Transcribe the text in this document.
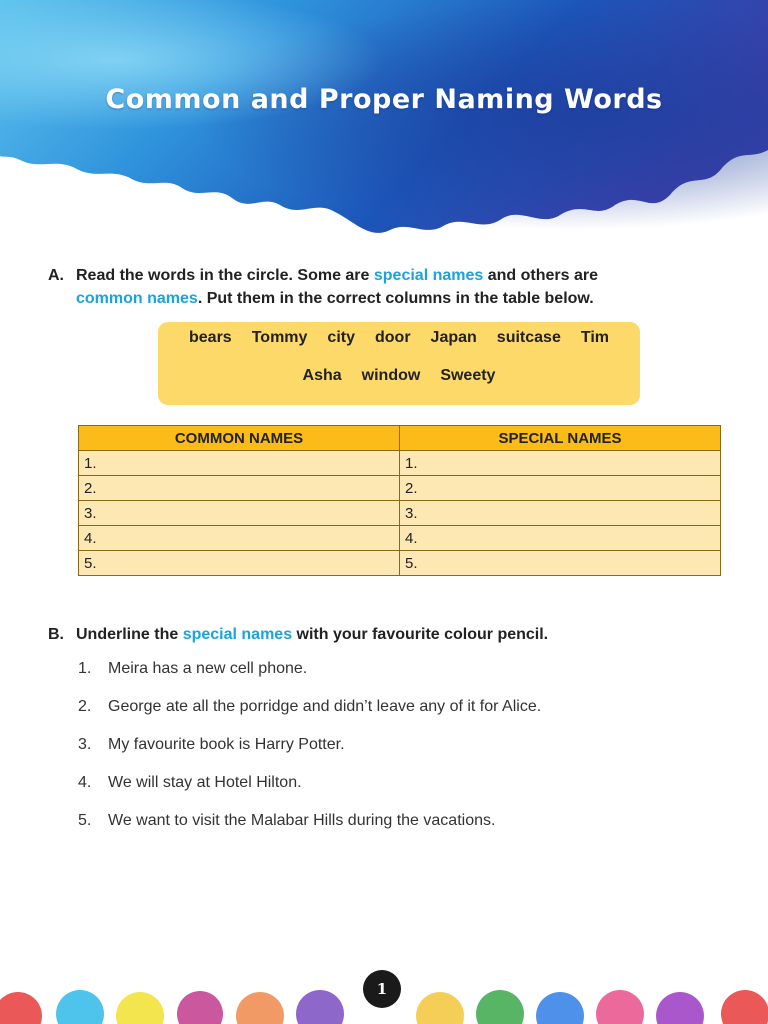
Common and Proper Naming Words
A. Read the words in the circle. Some are special names and others are
common names. Put them in the correct columns in the table below.
bears Tommy city door Japan suitcase Tim
Asha window Sweety
COMMON NAMES	SPECIAL NAMES
1.	1.
2.	2.
3.	3.
4.	4.
5.	5.
B. Underline the special names with your favourite colour pencil.
1.	Meira has a new cell phone.
2.	George ate all the porridge and didn’t leave any of it for Alice.
3.	My favourite book is Harry Potter.
4.	We will stay at Hotel Hilton.
5.	We want to visit the Malabar Hills during the vacations.
1
